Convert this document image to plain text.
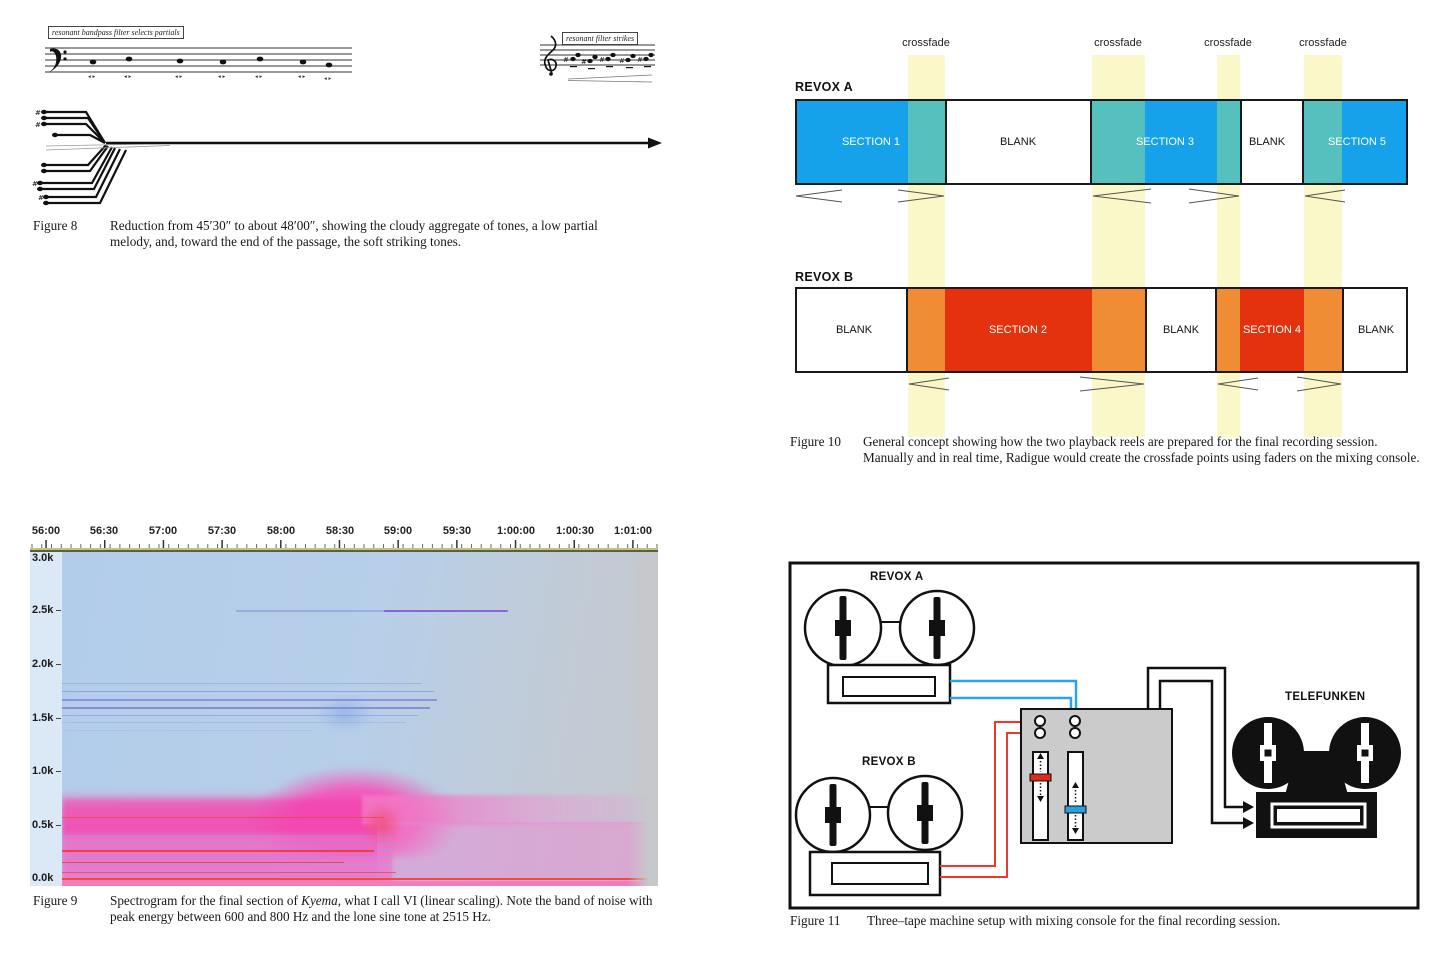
◂ ▸	◂ ▸	◂ ▸	◂ ▸	◂ ▸	◂ ▸	◂ ▸
# # # # #
#
#
#
#
resonant bandpass filter selects partials
resonant filter strikes
Figure 8	Reduction from 45′30″ to about 48′00″, showing the cloudy aggregate of tones, a low partial melody, and, toward the end of the passage, the soft striking tones.
56:00	56:30	57:00	57:30	58:00	58:30	59:00	59:30 1:00:00 1:00:30 1:01:00
3.0k
2.5k
2.0k
1.5k
1.0k
0.5k
0.0k
Figure 9	Spectrogram for the final section of Kyema, what I call VI (linear scaling). Note the band of noise with peak energy between 600 and 800 Hz and the lone sine tone at 2515 Hz.
crossfade	crossfade	crossfade	crossfade
REVOX A
SECTION 1	BLANK	SECTION 3	BLANK	SECTION 5
REVOX B
BLANK	SECTION 2	BLANK	SECTION 4	BLANK
Figure 10	General concept showing how the two playback reels are prepared for the final recording session. Manually and in real time, Radigue would create the crossfade points using faders on the mixing console.
REVOX A
REVOX B
TELEFUNKEN
Figure 11	Three–tape machine setup with mixing console for the final recording session.
